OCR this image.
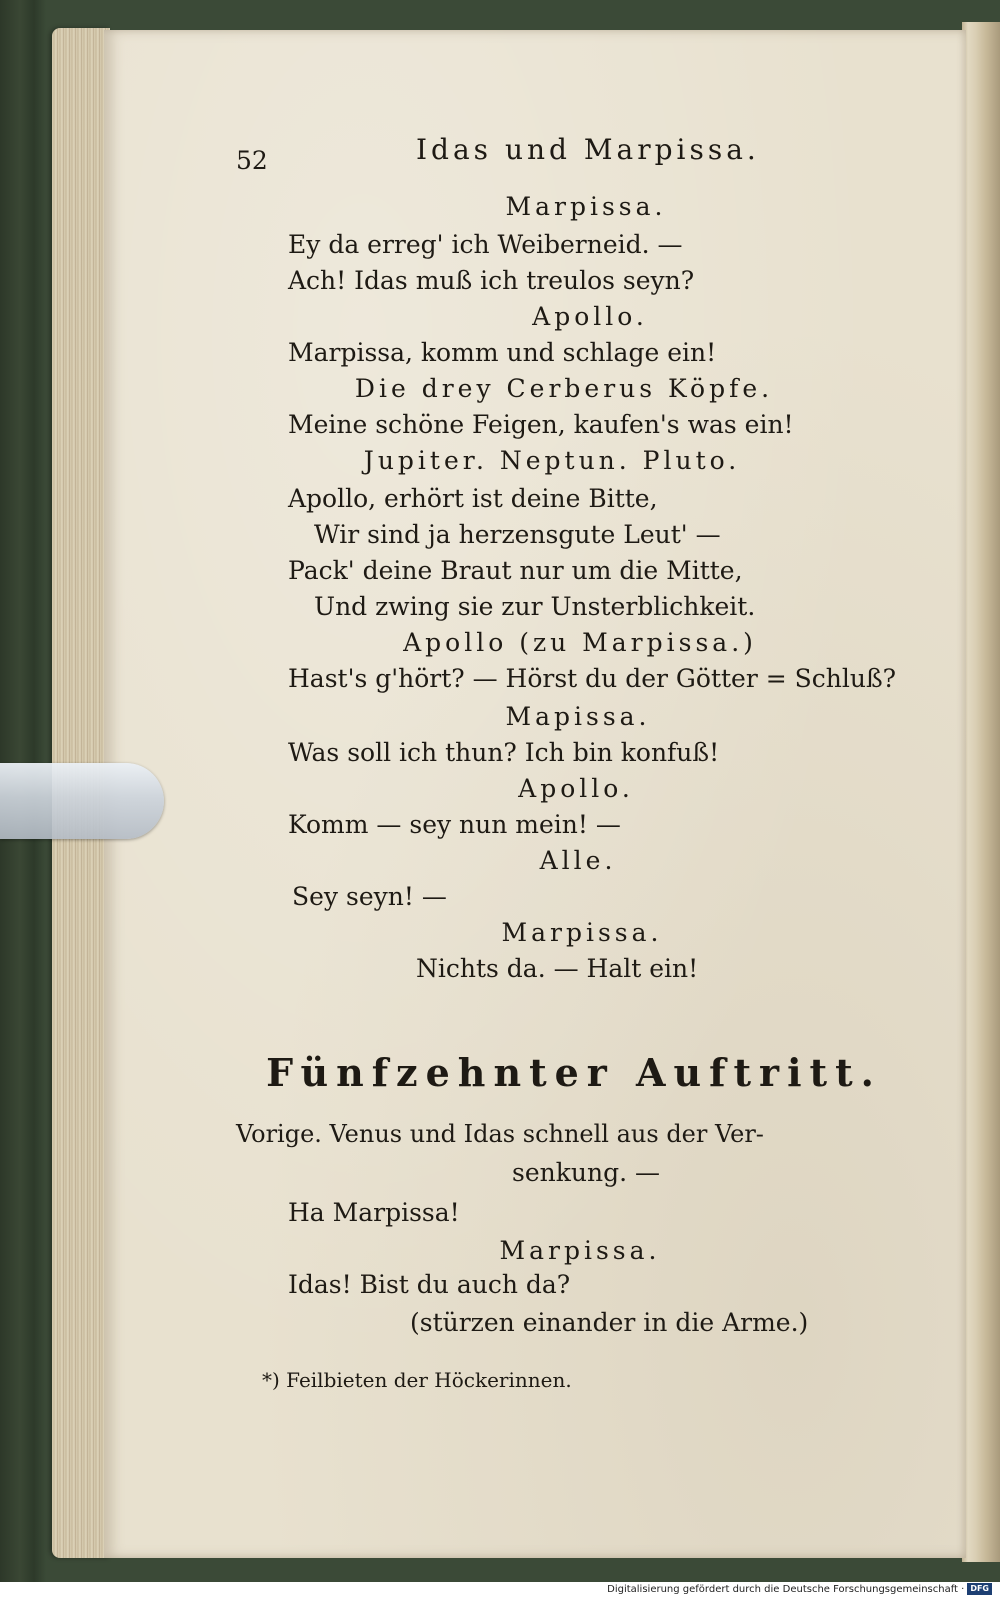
52	Idas und Marpissa.
Marpissa.
Ey da erreg' ich Weiberneid. —
Ach! Idas muß ich treulos seyn?
Apollo.
Marpissa, komm und schlage ein!
Die drey Cerberus Köpfe.
Meine schöne Feigen, kaufen's was ein!
Jupiter. Neptun. Pluto.
Apollo, erhört ist deine Bitte,
Wir sind ja herzensgute Leut' —
Pack' deine Braut nur um die Mitte,
Und zwing sie zur Unsterblichkeit.
Apollo (zu Marpissa.)
Hast's g'hört? — Hörst du der Götter = Schluß?
Mapissa.
Was soll ich thun? Ich bin konfuß!
Apollo.
Komm — sey nun mein! —
Alle.
Sey seyn! —
Marpissa.
Nichts da. — Halt ein!
Fünfzehnter Auftritt.
Vorige. Venus und Idas schnell aus der Ver-
senkung. —
Ha Marpissa!
Marpissa.
Idas! Bist du auch da?
(stürzen einander in die Arme.)
*) Feilbieten der Höckerinnen.
Digitalisierung gefördert durch die Deutsche Forschungsgemeinschaft · DFG
